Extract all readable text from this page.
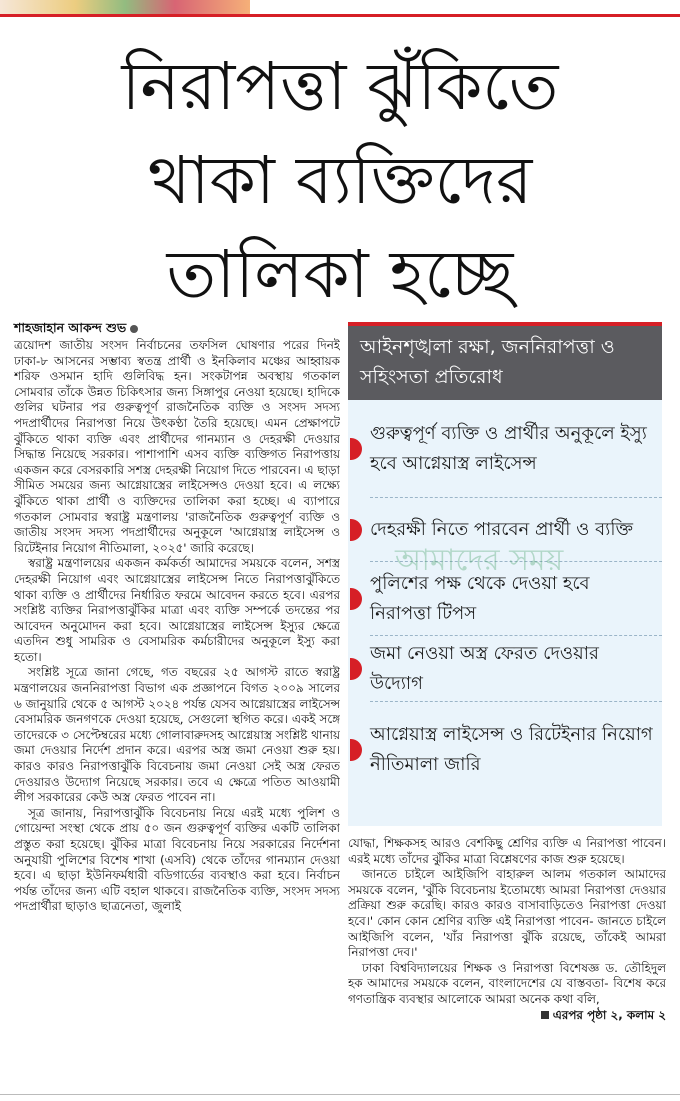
নিরাপত্তা ঝুঁকিতে
থাকা ব্যক্তিদের
তালিকা হচ্ছে
শাহজাহান আকন্দ শুভ

ত্রয়োদশ জাতীয় সংসদ নির্বাচনের তফসিল ঘোষণার পরের দিনই ঢাকা-৮ আসনের সম্ভাব্য স্বতন্ত্র প্রার্থী ও ইনকিলাব মঞ্চের আহ্বায়ক শরিফ ওসমান হাদি গুলিবিদ্ধ হন। সংকটাপন্ন অবস্থায় গতকাল সোমবার তাঁকে উন্নত চিকিৎসার জন্য সিঙ্গাপুর নেওয়া হয়েছে। হাদিকে গুলির ঘটনার পর গুরুত্বপূর্ণ রাজনৈতিক ব্যক্তি ও সংসদ সদস্য পদপ্রার্থীদের নিরাপত্তা নিয়ে উৎকণ্ঠা তৈরি হয়েছে। এমন প্রেক্ষাপটে ঝুঁকিতে থাকা ব্যক্তি এবং প্রার্থীদের গানম্যান ও দেহরক্ষী দেওয়ার সিদ্ধান্ত নিয়েছে সরকার। পাশাপাশি এসব ব্যক্তি ব্যক্তিগত নিরাপত্তায় একজন করে বেসরকারি সশস্ত্র দেহরক্ষী নিয়োগ দিতে পারবেন। এ ছাড়া সীমিত সময়ের জন্য আগ্নেয়াস্ত্রের লাইসেন্সও দেওয়া হবে। এ লক্ষ্যে ঝুঁকিতে থাকা প্রার্থী ও ব্যক্তিদের তালিকা করা হচ্ছে। এ ব্যাপারে গতকাল সোমবার স্বরাষ্ট্র মন্ত্রণালয় 'রাজনৈতিক গুরুত্বপূর্ণ ব্যক্তি ও জাতীয় সংসদ সদস্য পদপ্রার্থীদের অনুকূলে 'আগ্নেয়াস্ত্র লাইসেন্স ও রিটেইনার নিয়োগ নীতিমালা, ২০২৫' জারি করেছে।

স্বরাষ্ট্র মন্ত্রণালয়ের একজন কর্মকর্তা আমাদের সময়কে বলেন, সশস্ত্র দেহরক্ষী নিয়োগ এবং আগ্নেয়াস্ত্রের লাইসেন্স নিতে নিরাপত্তাঝুঁকিতে থাকা ব্যক্তি ও প্রার্থীদের নির্ধারিত ফরমে আবেদন করতে হবে। এরপর সংশ্লিষ্ট ব্যক্তির নিরাপত্তাঝুঁকির মাত্রা এবং ব্যক্তি সম্পর্কে তদন্তের পর আবেদন অনুমোদন করা হবে। আগ্নেয়াস্ত্রের লাইসেন্স ইস্যুর ক্ষেত্রে এতদিন শুধু সামরিক ও বেসামরিক কর্মচারীদের অনুকূলে ইস্যু করা হতো।

সংশ্লিষ্ট সূত্রে জানা গেছে, গত বছরের ২৫ আগস্ট রাতে স্বরাষ্ট্র মন্ত্রণালয়ের জননিরাপত্তা বিভাগ এক প্রজ্ঞাপনে বিগত ২০০৯ সালের ৬ জানুয়ারি থেকে ৫ আগস্ট ২০২৪ পর্যন্ত যেসব আগ্নেয়াস্ত্রের লাইসেন্স বেসামরিক জনগণকে দেওয়া হয়েছে, সেগুলো স্থগিত করে। একই সঙ্গে তাদেরকে ৩ সেপ্টেম্বরের মধ্যে গোলাবারুদসহ আগ্নেয়াস্ত্র সংশ্লিষ্ট থানায় জমা দেওয়ার নির্দেশ প্রদান করে। এরপর অস্ত্র জমা নেওয়া শুরু হয়। কারও কারও নিরাপত্তাঝুঁকি বিবেচনায় জমা নেওয়া সেই অস্ত্র ফেরত দেওয়ারও উদ্যোগ নিয়েছে সরকার। তবে এ ক্ষেত্রে পতিত আওয়ামী লীগ সরকারের কেউ অস্ত্র ফেরত পাবেন না।

সূত্র জানায়, নিরাপত্তাঝুঁকি বিবেচনায় নিয়ে এরই মধ্যে পুলিশ ও গোয়েন্দা সংস্থা থেকে প্রায় ৫০ জন গুরুত্বপূর্ণ ব্যক্তির একটি তালিকা প্রস্তুত করা হয়েছে। ঝুঁকির মাত্রা বিবেচনায় নিয়ে সরকারের নির্দেশনা অনুযায়ী পুলিশের বিশেষ শাখা (এসবি) থেকে তাঁদের গানম্যান দেওয়া হবে। এ ছাড়া ইউনিফর্মধারী বডিগার্ডের ব্যবস্থাও করা হবে। নির্বাচন পর্যন্ত তাঁদের জন্য এটি বহাল থাকবে। রাজনৈতিক ব্যক্তি, সংসদ সদস্য পদপ্রার্থীরা ছাড়াও ছাত্রনেতা, জুলাই

আইনশৃঙ্খলা রক্ষা, জননিরাপত্তা ও সহিংসতা প্রতিরোধ
গুরুত্বপূর্ণ ব্যক্তি ও প্রার্থীর অনুকূলে ইস্যু হবে আগ্নেয়াস্ত্র লাইসেন্স
দেহরক্ষী নিতে পারবেন প্রার্থী ও ব্যক্তি
পুলিশের পক্ষ থেকে দেওয়া হবে নিরাপত্তা টিপস
জমা নেওয়া অস্ত্র ফেরত দেওয়ার উদ্যোগ
আগ্নেয়াস্ত্র লাইসেন্স ও রিটেইনার নিয়োগ নীতিমালা জারি
আমাদের সময়

যোদ্ধা, শিক্ষকসহ আরও বেশকিছু শ্রেণির ব্যক্তি এ নিরাপত্তা পাবেন। এরই মধ্যে তাঁদের ঝুঁকির মাত্রা বিশ্লেষণের কাজ শুরু হয়েছে।

জানতে চাইলে আইজিপি বাহারুল আলম গতকাল আমাদের সময়কে বলেন, 'ঝুঁকি বিবেচনায় ইতোমধ্যে আমরা নিরাপত্তা দেওয়ার প্রক্রিয়া শুরু করেছি। কারও কারও বাসাবাড়িতেও নিরাপত্তা দেওয়া হবে।' কোন কোন শ্রেণির ব্যক্তি এই নিরাপত্তা পাবেন- জানতে চাইলে আইজিপি বলেন, 'যাঁর নিরাপত্তা ঝুঁকি রয়েছে, তাঁকেই আমরা নিরাপত্তা দেব।'

ঢাকা বিশ্ববিদ্যালয়ের শিক্ষক ও নিরাপত্তা বিশেষজ্ঞ ড. তৌহিদুল হক আমাদের সময়কে বলেন, বাংলাদেশের যে বাস্তবতা- বিশেষ করে গণতান্ত্রিক ব্যবস্থার আলোকে আমরা অনেক কথা বলি,

এরপর পৃষ্ঠা ২, কলাম ২
